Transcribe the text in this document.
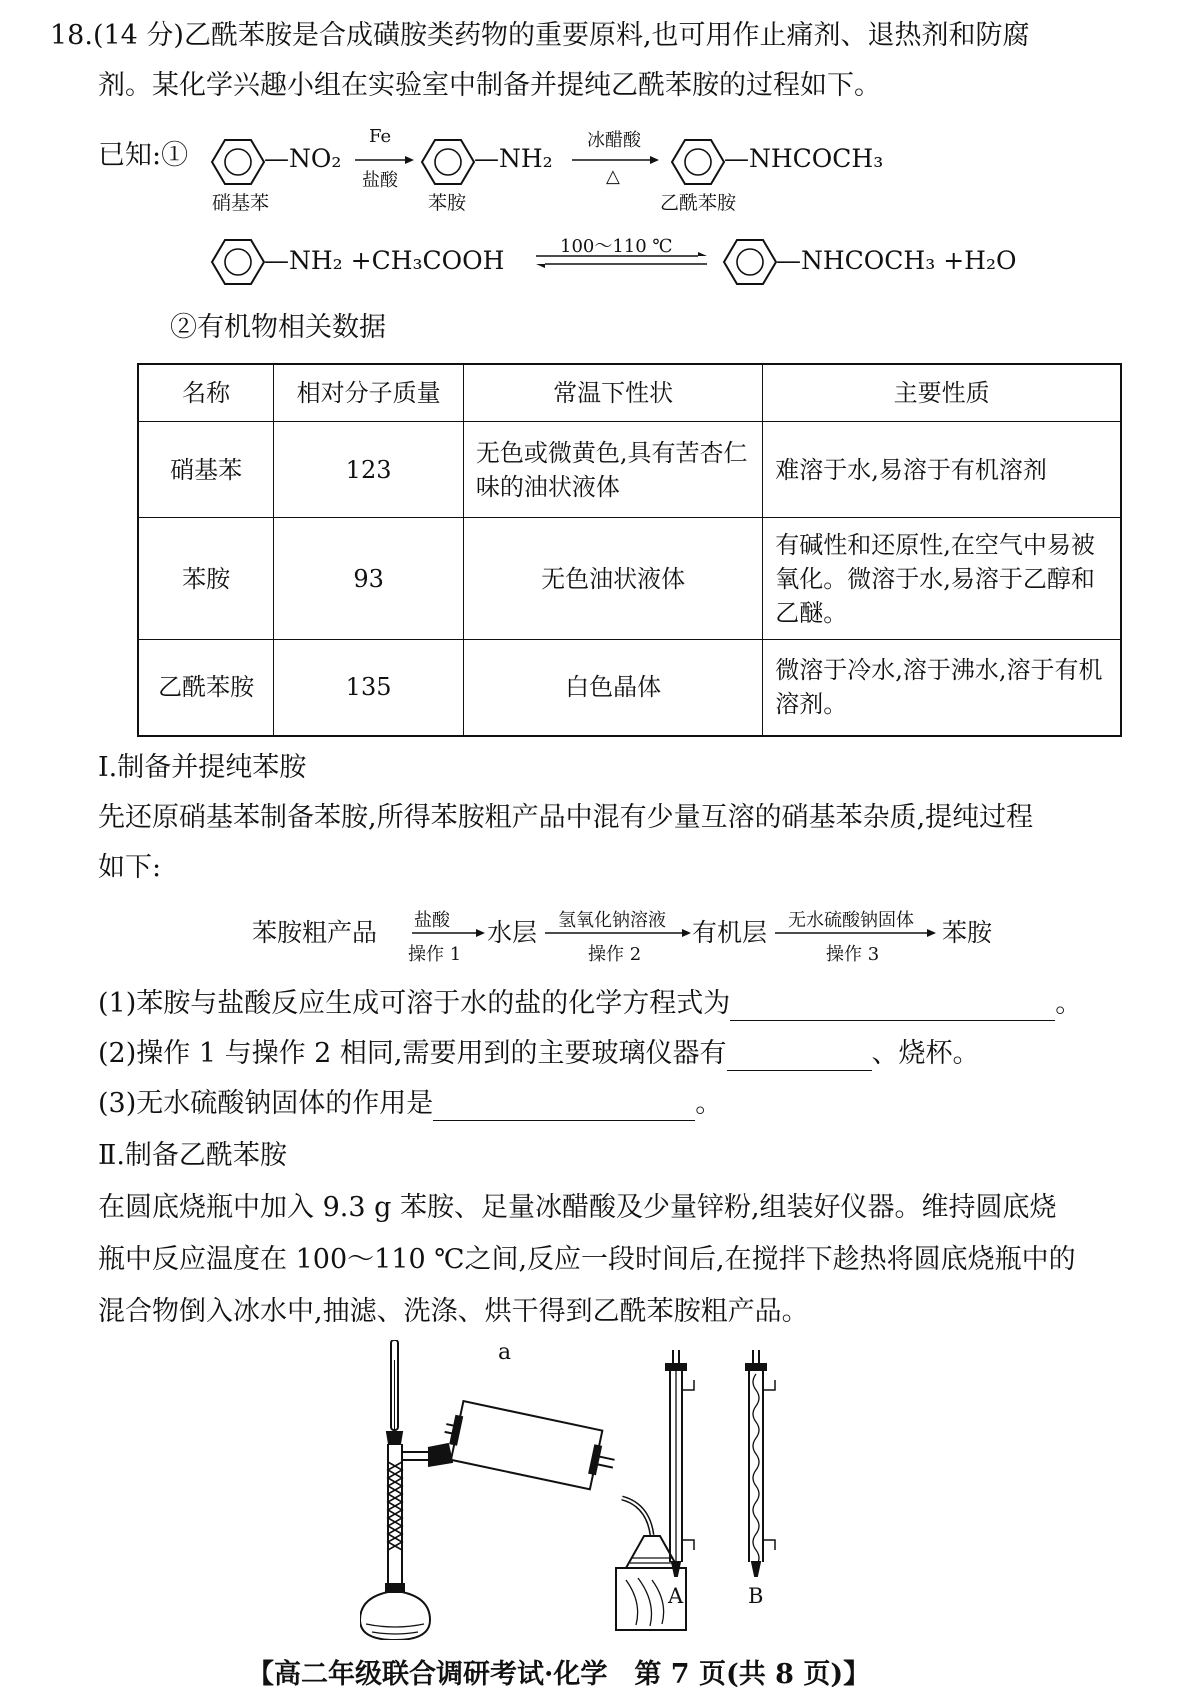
18.(14 分)乙酰苯胺是合成磺胺类药物的重要原料,也可用作止痛剂、退热剂和防腐
剂。某化学兴趣小组在实验室中制备并提纯乙酰苯胺的过程如下。
已知:①	—NO₂
硝基苯
Fe
盐酸
—NH₂
苯胺
冰醋酸
△
—NHCOCH₃
乙酰苯胺
—NH₂ +CH₃COOH	100～110 ℃	—NHCOCH₃ +H₂O
②有机物相关数据
名称	相对分子质量	常温下性状	主要性质
硝基苯	123	无色或微黄色,具有苦杏仁味的油状液体	难溶于水,易溶于有机溶剂
苯胺	93	无色油状液体	有碱性和还原性,在空气中易被氧化。微溶于水,易溶于乙醇和乙醚。
乙酰苯胺	135	白色晶体	微溶于冷水,溶于沸水,溶于有机溶剂。
Ⅰ.制备并提纯苯胺
先还原硝基苯制备苯胺,所得苯胺粗产品中混有少量互溶的硝基苯杂质,提纯过程
如下:
苯胺粗产品 盐酸
操作 1
水层 氢氧化钠溶液
操作 2
有机层 无水硫酸钠固体
操作 3
苯胺
(1)苯胺与盐酸反应生成可溶于水的盐的化学方程式为	。
(2)操作 1 与操作 2 相同,需要用到的主要玻璃仪器有	、烧杯。
(3)无水硫酸钠固体的作用是	。
Ⅱ.制备乙酰苯胺
在圆底烧瓶中加入 9.3 g 苯胺、足量冰醋酸及少量锌粉,组装好仪器。维持圆底烧
瓶中反应温度在 100～110 ℃之间,反应一段时间后,在搅拌下趁热将圆底烧瓶中的
混合物倒入冰水中,抽滤、洗涤、烘干得到乙酰苯胺粗产品。
a
A	B
【高二年级联合调研考试·化学　第 7 页(共 8 页)】
